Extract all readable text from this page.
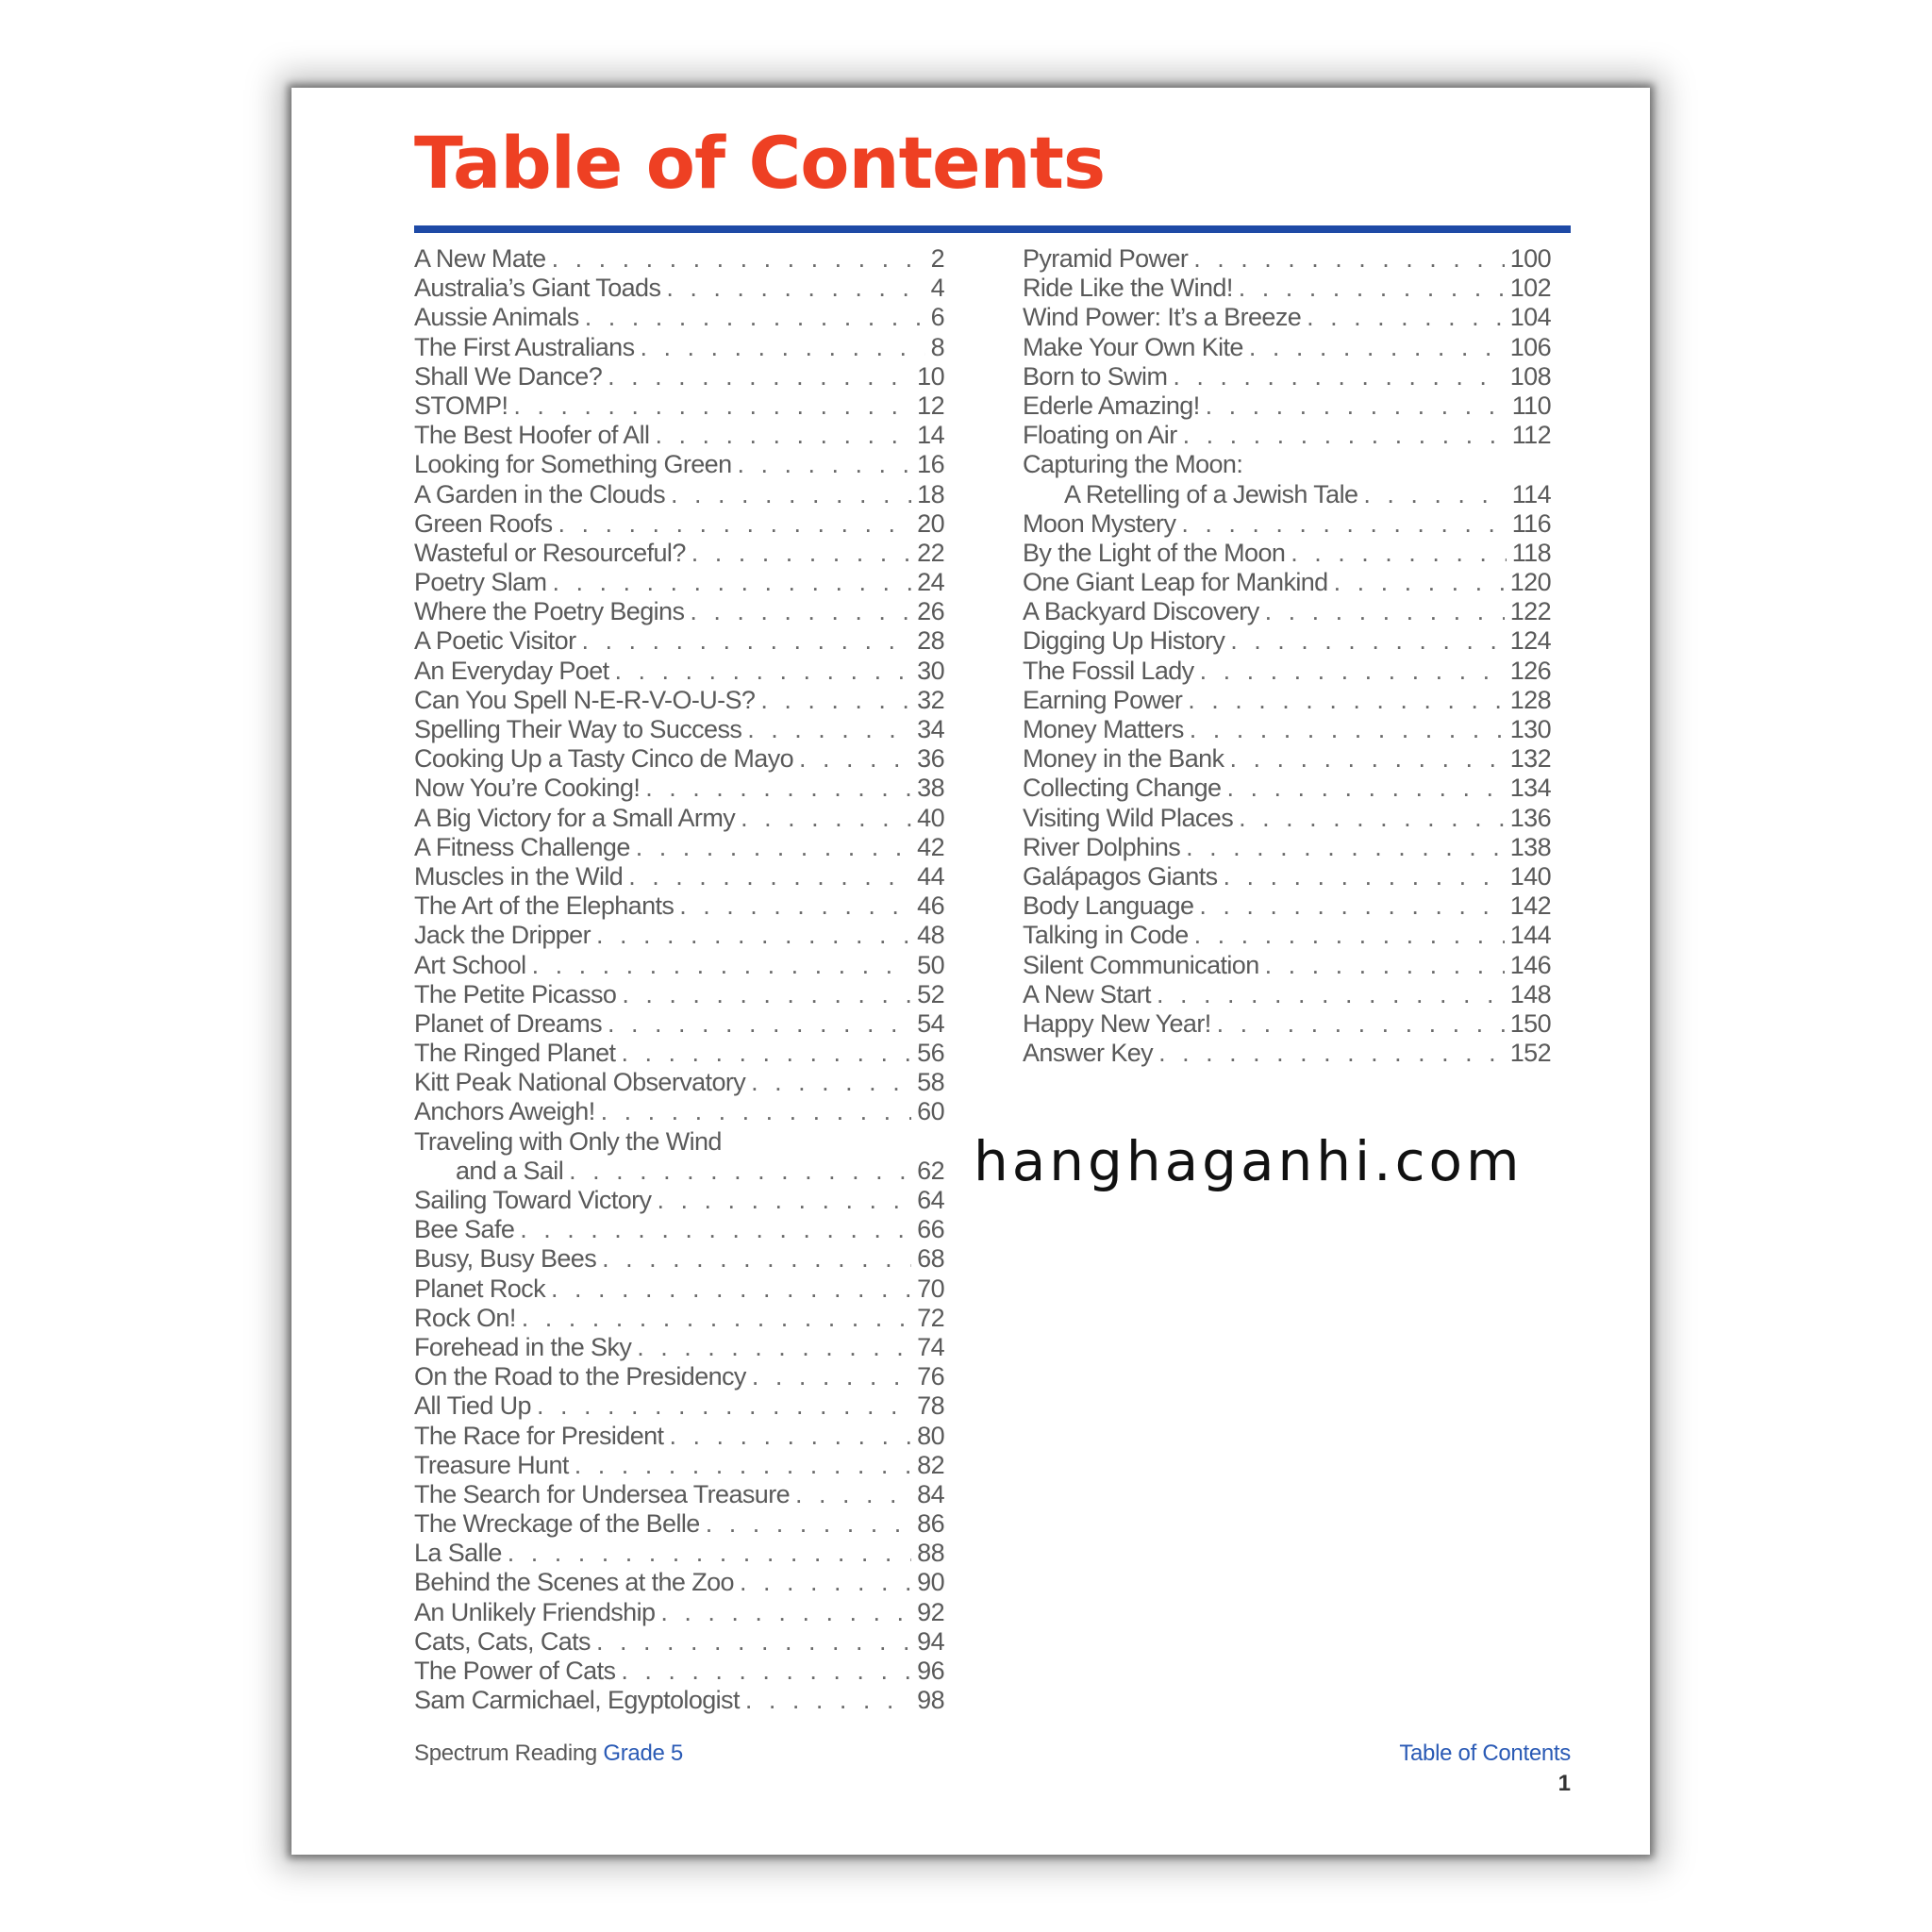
Table of Contents
A New Mate . . .	2
Australia’s Giant Toads . . .	4
Aussie Animals . . .	6
The First Australians . . .	8
Shall We Dance? . . .	10
STOMP! . . .	12
The Best Hoofer of All . . .	14
Looking for Something Green . . .	16
A Garden in the Clouds . . .	18
Green Roofs . . .	20
Wasteful or Resourceful? . . .	22
Poetry Slam . . .	24
Where the Poetry Begins . . .	26
A Poetic Visitor . . .	28
An Everyday Poet . . .	30
Can You Spell N-E-R-V-O-U-S? . . .	32
Spelling Their Way to Success . . .	34
Cooking Up a Tasty Cinco de Mayo . . .	36
Now You’re Cooking! . . .	38
A Big Victory for a Small Army . . .	40
A Fitness Challenge . . .	42
Muscles in the Wild . . .	44
The Art of the Elephants . . .	46
Jack the Dripper . . .	48
Art School . . .	50
The Petite Picasso . . .	52
Planet of Dreams . . .	54
The Ringed Planet . . .	56
Kitt Peak National Observatory . . .	58
Anchors Aweigh! . . .	60
Traveling with Only the Wind
and a Sail . . .	62
Sailing Toward Victory . . .	64
Bee Safe . . .	66
Busy, Busy Bees . . .	68
Planet Rock . . .	70
Rock On! . . .	72
Forehead in the Sky . . .	74
On the Road to the Presidency . . .	76
All Tied Up . . .	78
The Race for President . . .	80
Treasure Hunt . . .	82
The Search for Undersea Treasure . . .	84
The Wreckage of the Belle . . .	86
La Salle . . .	88
Behind the Scenes at the Zoo . . .	90
An Unlikely Friendship . . .	92
Cats, Cats, Cats . . .	94
The Power of Cats . . .	96
Sam Carmichael, Egyptologist . . .	98
Pyramid Power . . .	100
Ride Like the Wind! . . .	102
Wind Power: It’s a Breeze . . .	104
Make Your Own Kite . . .	106
Born to Swim . . .	108
Ederle Amazing! . . .	110
Floating on Air . . .	112
Capturing the Moon:
A Retelling of a Jewish Tale . . .	114
Moon Mystery . . .	116
By the Light of the Moon . . .	118
One Giant Leap for Mankind . . .	120
A Backyard Discovery . . .	122
Digging Up History . . .	124
The Fossil Lady . . .	126
Earning Power . . .	128
Money Matters . . .	130
Money in the Bank . . .	132
Collecting Change . . .	134
Visiting Wild Places . . .	136
River Dolphins . . .	138
Galápagos Giants . . .	140
Body Language . . .	142
Talking in Code . . .	144
Silent Communication . . .	146
A New Start . . .	148
Happy New Year! . . .	150
Answer Key . . .	152
Spectrum Reading Grade 5	Table of Contents
1

hanghaganhi.com
